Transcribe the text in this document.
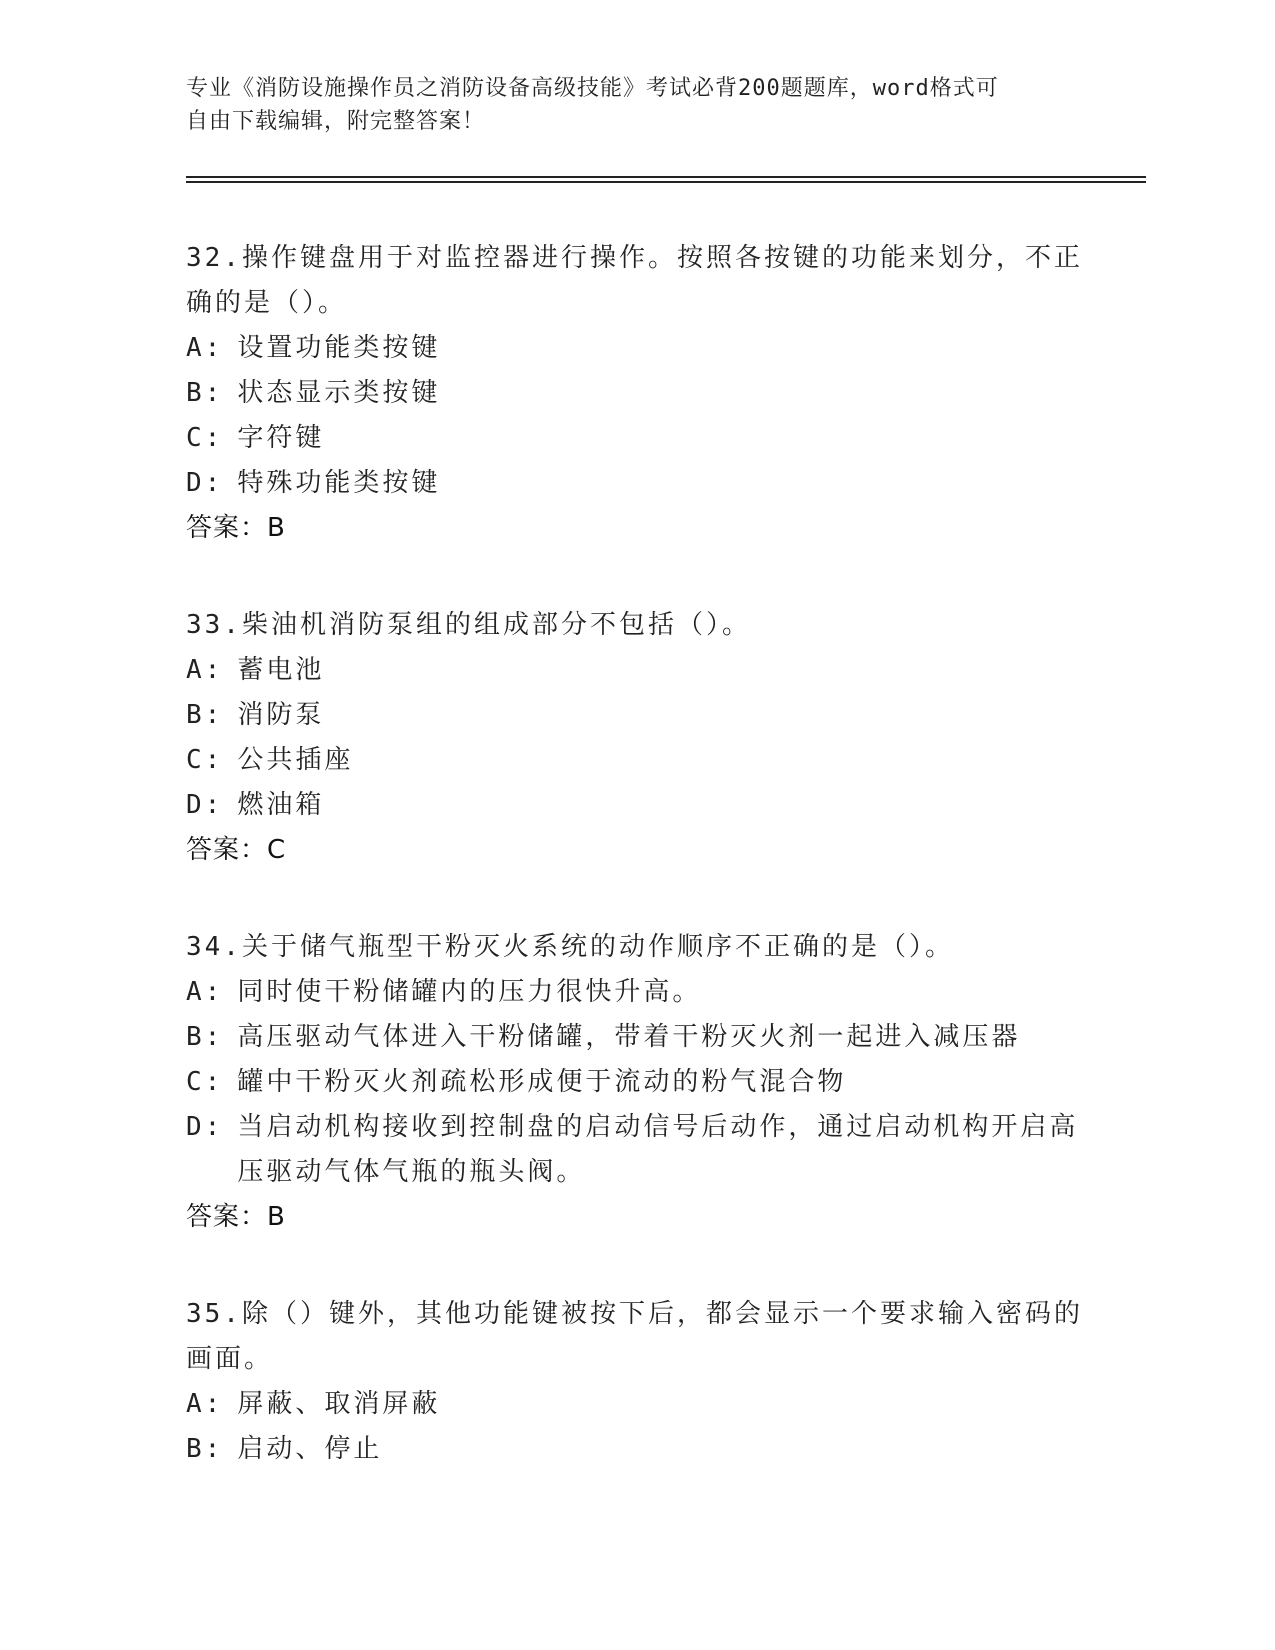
专业《消防设施操作员之消防设备高级技能》考试必背200题题库，word格式可
自由下载编辑，附完整答案！

32.操作键盘用于对监控器进行操作。按照各按键的功能来划分，不正确的是（）。

A : 设置功能类按键
B : 状态显示类按键
C : 字符键
D : 特殊功能类按键

答案：B

33.柴油机消防泵组的组成部分不包括（）。

A : 蓄电池
B : 消防泵
C : 公共插座
D : 燃油箱

答案：C

34.关于储气瓶型干粉灭火系统的动作顺序不正确的是（）。

A : 同时使干粉储罐内的压力很快升高。
B : 高压驱动气体进入干粉储罐，带着干粉灭火剂一起进入减压器
C : 罐中干粉灭火剂疏松形成便于流动的粉气混合物
D : 当启动机构接收到控制盘的启动信号后动作，通过启动机构开启高压驱动气体气瓶的瓶头阀。

答案：B

35.除（）键外，其他功能键被按下后，都会显示一个要求输入密码的画面。

A : 屏蔽、取消屏蔽
B : 启动、停止
